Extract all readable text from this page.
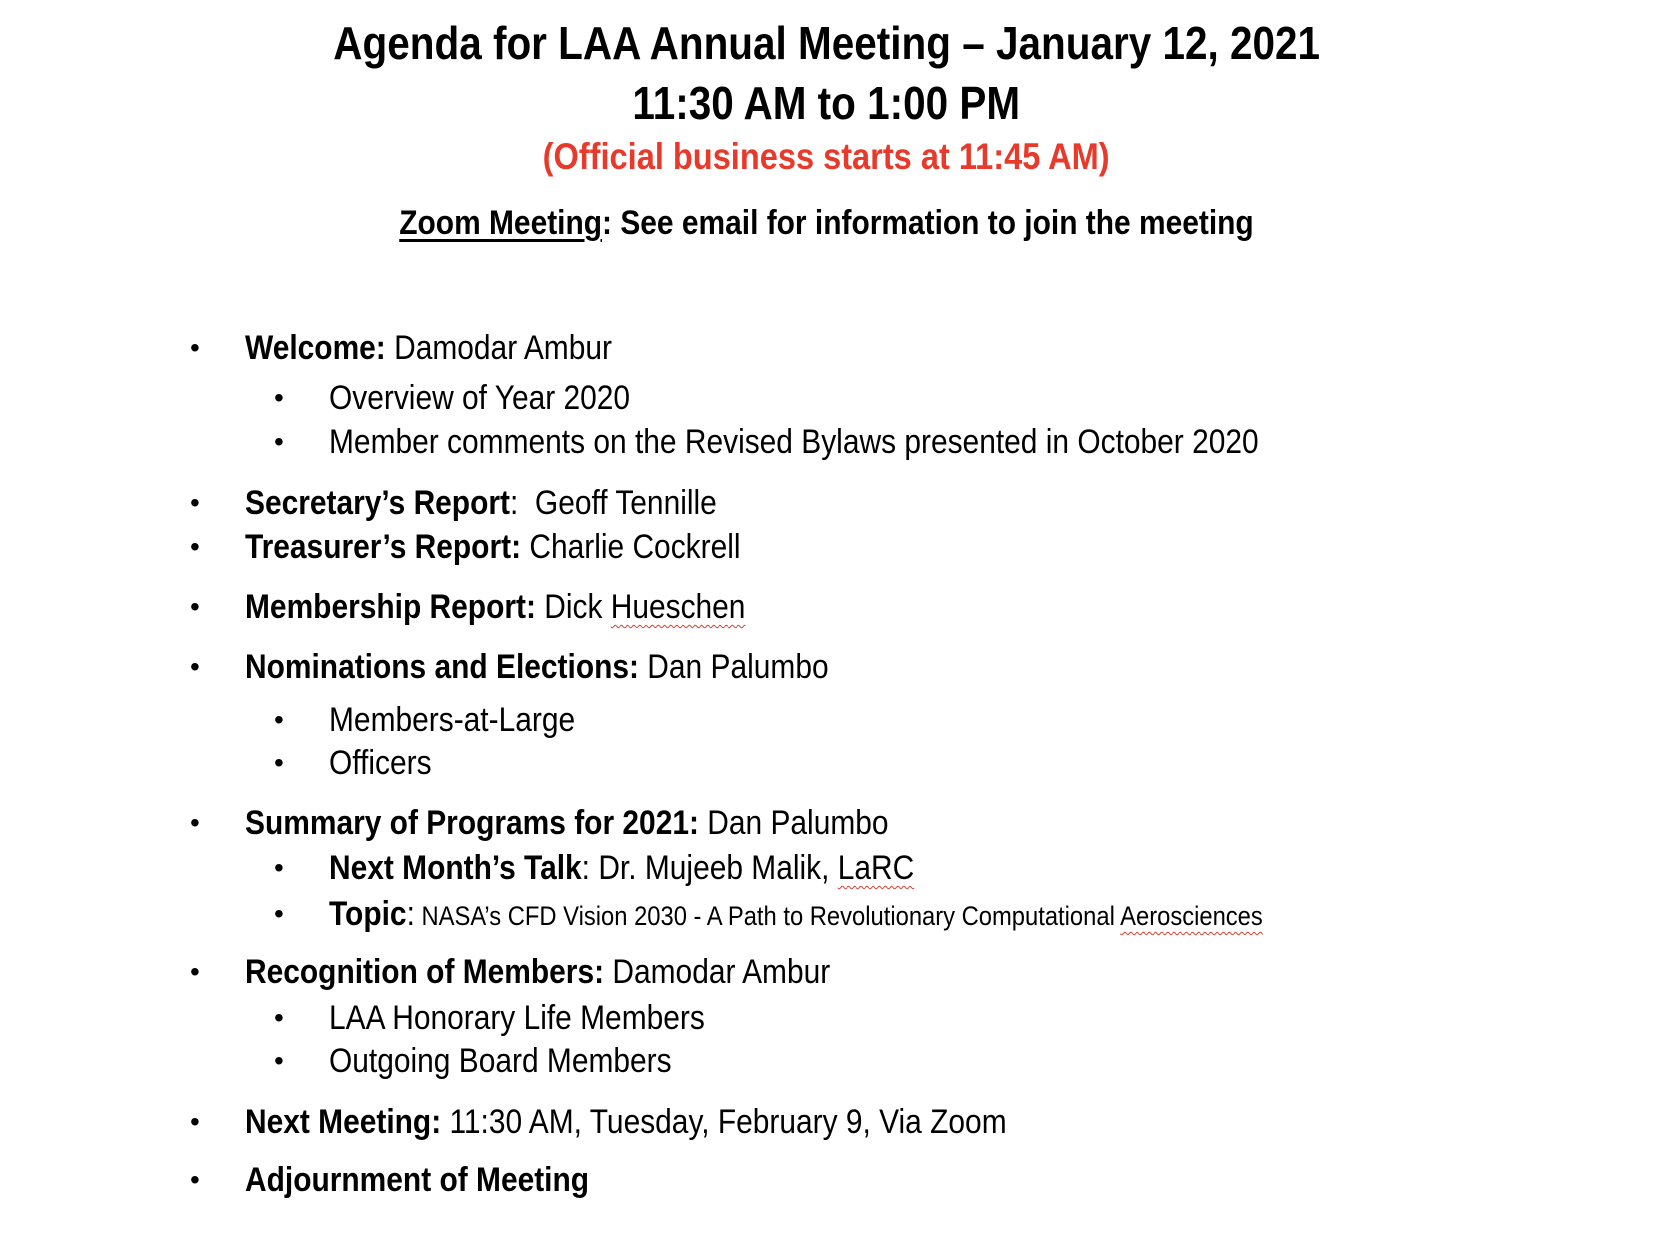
Agenda for LAA Annual Meeting – January 12, 2021
11:30 AM to 1:00 PM
(Official business starts at 11:45 AM)
Zoom Meeting: See email for information to join the meeting
• Welcome: Damodar Ambur
• Overview of Year 2020
• Member comments on the Revised Bylaws presented in October 2020
• Secretary’s Report:  Geoff Tennille
• Treasurer’s Report: Charlie Cockrell
• Membership Report: Dick Hueschen
• Nominations and Elections: Dan Palumbo
• Members-at-Large
• Officers
• Summary of Programs for 2021: Dan Palumbo
• Next Month’s Talk: Dr. Mujeeb Malik, LaRC
• Topic: NASA’s CFD Vision 2030 - A Path to Revolutionary Computational Aerosciences
• Recognition of Members: Damodar Ambur
• LAA Honorary Life Members
• Outgoing Board Members
• Next Meeting: 11:30 AM, Tuesday, February 9, Via Zoom
• Adjournment of Meeting
